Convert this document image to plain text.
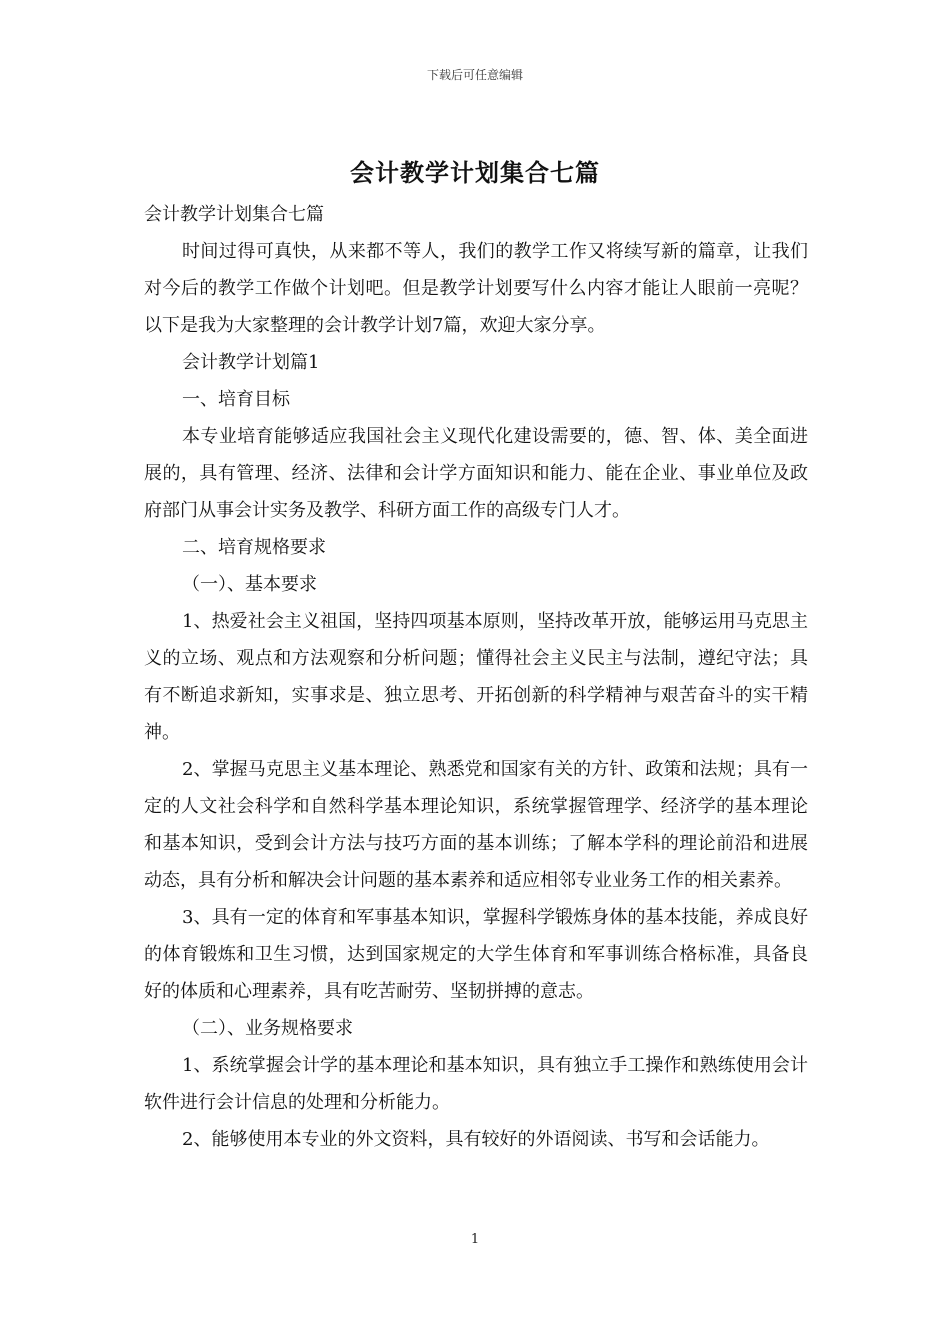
下载后可任意编辑
会计教学计划集合七篇

会计教学计划集合七篇

时间过得可真快，从来都不等人，我们的教学工作又将续写新的篇章，让我们对今后的教学工作做个计划吧。但是教学计划要写什么内容才能让人眼前一亮呢？以下是我为大家整理的会计教学计划7篇，欢迎大家分享。

会计教学计划篇1

一、培育目标

本专业培育能够适应我国社会主义现代化建设需要的，德、智、体、美全面进展的，具有管理、经济、法律和会计学方面知识和能力、能在企业、事业单位及政府部门从事会计实务及教学、科研方面工作的高级专门人才。

二、培育规格要求

（一）、基本要求

1、热爱社会主义祖国，坚持四项基本原则，坚持改革开放，能够运用马克思主义的立场、观点和方法观察和分析问题；懂得社会主义民主与法制，遵纪守法；具有不断追求新知，实事求是、独立思考、开拓创新的科学精神与艰苦奋斗的实干精神。

2、掌握马克思主义基本理论、熟悉党和国家有关的方针、政策和法规；具有一定的人文社会科学和自然科学基本理论知识，系统掌握管理学、经济学的基本理论和基本知识，受到会计方法与技巧方面的基本训练；了解本学科的理论前沿和进展动态，具有分析和解决会计问题的基本素养和适应相邻专业业务工作的相关素养。

3、具有一定的体育和军事基本知识，掌握科学锻炼身体的基本技能，养成良好的体育锻炼和卫生习惯，达到国家规定的大学生体育和军事训练合格标准，具备良好的体质和心理素养，具有吃苦耐劳、坚韧拼搏的意志。

（二）、业务规格要求

1、系统掌握会计学的基本理论和基本知识，具有独立手工操作和熟练使用会计软件进行会计信息的处理和分析能力。

2、能够使用本专业的外文资料，具有较好的外语阅读、书写和会话能力。

1
